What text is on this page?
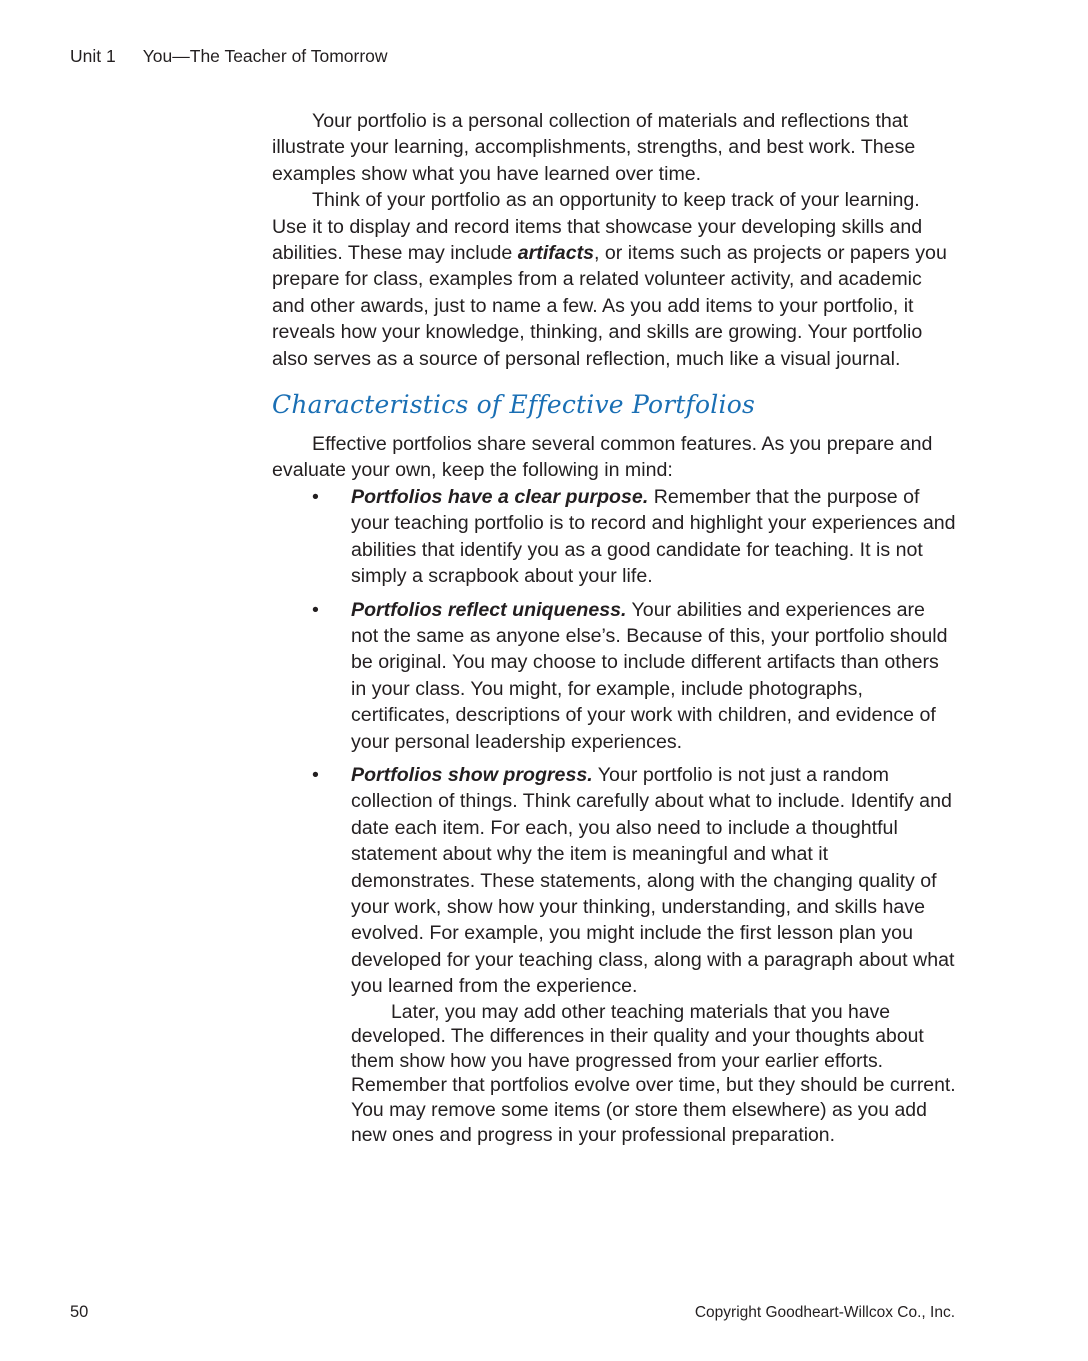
Unit 1 You—The Teacher of Tomorrow

Your portfolio is a personal collection of materials and reflections that illustrate your learning, accomplishments, strengths, and best work. These examples show what you have learned over time.

Think of your portfolio as an opportunity to keep track of your learning. Use it to display and record items that showcase your developing skills and abilities. These may include artifacts, or items such as projects or papers you prepare for class, examples from a related volunteer activity, and academic and other awards, just to name a few. As you add items to your portfolio, it reveals how your knowledge, thinking, and skills are growing. Your portfolio also serves as a source of personal reflection, much like a visual journal.

Characteristics of Effective Portfolios

Effective portfolios share several common features. As you prepare and evaluate your own, keep the following in mind:

• Portfolios have a clear purpose. Remember that the purpose of your teaching portfolio is to record and highlight your experiences and abilities that identify you as a good candidate for teaching. It is not simply a scrapbook about your life.
• Portfolios reflect uniqueness. Your abilities and experiences are not the same as anyone else’s. Because of this, your portfolio should be original. You may choose to include different artifacts than others in your class. You might, for example, include photographs, certificates, descriptions of your work with children, and evidence of your personal leadership experiences.
• Portfolios show progress. Your portfolio is not just a random collection of things. Think carefully about what to include. Identify and date each item. For each, you also need to include a thoughtful statement about why the item is meaningful and what it demonstrates. These statements, along with the changing quality of your work, show how your thinking, understanding, and skills have evolved. For example, you might include the first lesson plan you developed for your teaching class, along with a paragraph about what you learned from the experience.

Later, you may add other teaching materials that you have developed. The differences in their quality and your thoughts about them show how you have progressed from your earlier efforts. Remember that portfolios evolve over time, but they should be current. You may remove some items (or store them elsewhere) as you add new ones and progress in your professional preparation.

50	Copyright Goodheart-Willcox Co., Inc.
